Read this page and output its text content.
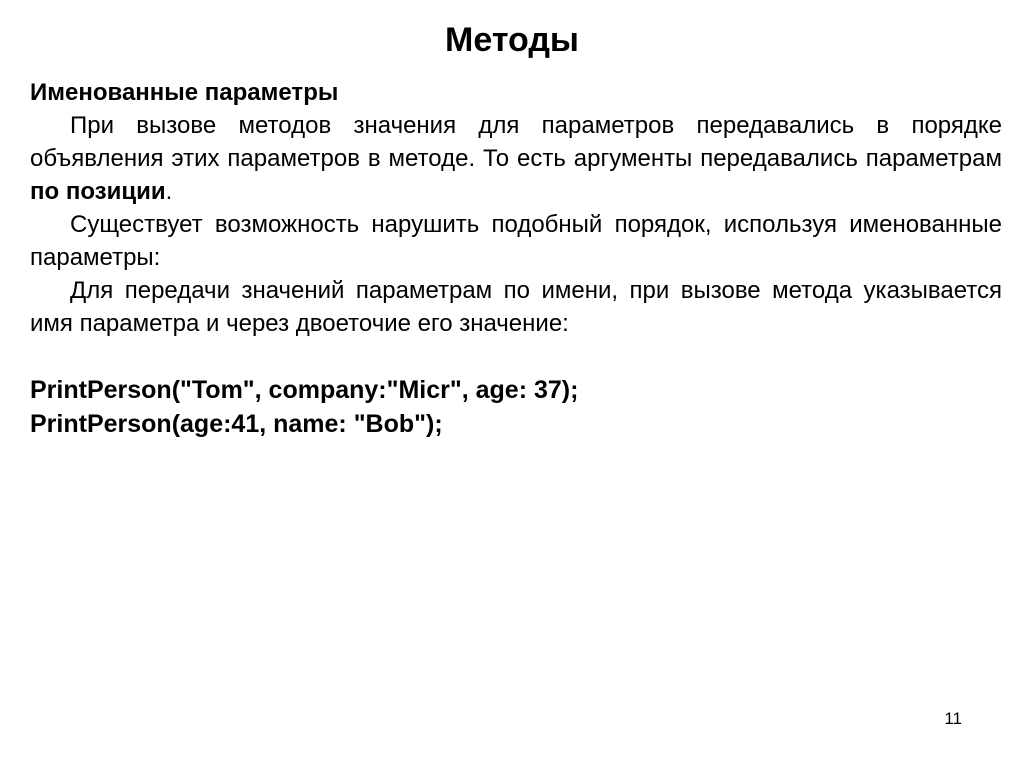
Методы

Именованные параметры

При вызове методов значения для параметров передавались в порядке объявления этих параметров в методе. То есть аргументы передавались параметрам по позиции.

Существует возможность нарушить подобный порядок, используя именованные параметры:

Для передачи значений параметрам по имени, при вызове метода указывается имя параметра и через двоеточие его значение:

PrintPerson("Tom", company:"Micr", age: 37);

PrintPerson(age:41, name: "Bob");

11
